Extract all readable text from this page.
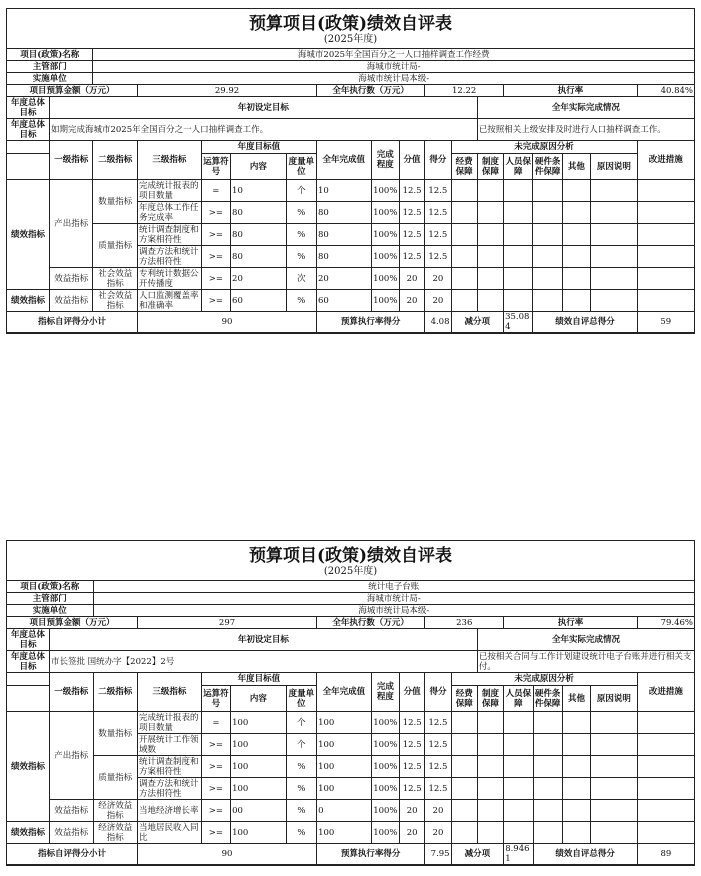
预算项目(政策)绩效自评表
(2025年度)
项目(政策)名称		海城市2025年全国百分之一人口抽样调查工作经费															
主管部门		海城市统计局-															
实施单位		海城市统计局本级-															
项目预算金额（万元）			29.92				全年执行数（万元）			12.22			执行率				40.84%
年度总体目标	年初设定目标											全年实际完成情况					
年度总体目标	如期完成海城市2025年全国百分之一人口抽样调查工作。											已按照相关上级安排及时进行人口抽样调查工作。					
	一级指标	二级指标	三级指标	年度目标值			全年完成值	完成程度	分值	得分	未完成原因分析						改进措施
				运算符号	内容	度量单位					经费保障	制度保障	人员保障	硬件条件保障	其他	原因说明	
绩效指标	产出指标	数量指标	完成统计报表的项目数量	=	10	个	10	100%	12.5	12.5							
			年度总体工作任务完成率	>=	80	%	80	100%	12.5	12.5							
		质量指标	统计调查制度和方案相符性	>=	80	%	80	100%	12.5	12.5							
			调查方法和统计方法相符性	>=	80	%	80	100%	12.5	12.5							
	效益指标	社会效益指标	专利统计数据公开传播度	>=	20	次	20	100%	20	20							
绩效指标	效益指标	社会效益指标	人口监测覆盖率和准确率	>=	60	%	60	100%	20	20							
指标自评得分小计			90				预算执行率得分			4.08	减分项		35.084	绩效自评总得分			59
预算项目(政策)绩效自评表
(2025年度)
项目(政策)名称		统计电子台账															
主管部门		海城市统计局-															
实施单位		海城市统计局本级-															
项目预算金额（万元）			297				全年执行数（万元）			236			执行率				79.46%
年度总体目标	年初设定目标											全年实际完成情况					
年度总体目标	市长签批 国统办字【2022】2号											已按相关合同与工作计划建设统计电子台账并进行相关支付。					
	一级指标	二级指标	三级指标	年度目标值			全年完成值	完成程度	分值	得分	未完成原因分析						改进措施
				运算符号	内容	度量单位					经费保障	制度保障	人员保障	硬件条件保障	其他	原因说明	
绩效指标	产出指标	数量指标	完成统计报表的项目数量	=	100	个	100	100%	12.5	12.5							
			开展统计工作领域数	>=	100	个	100	100%	12.5	12.5							
		质量指标	统计调查制度和方案相符性	>=	100	%	100	100%	12.5	12.5							
			调查方法和统计方法相符性	>=	100	%	100	100%	12.5	12.5							
	效益指标	经济效益指标	当地经济增长率	>=	00	%	0	100%	20	20							
绩效指标	效益指标	经济效益指标	当地居民收入同比	>=	100	%	100	100%	20	20							
指标自评得分小计			90				预算执行率得分			7.95	减分项		8.9461	绩效自评总得分			89
